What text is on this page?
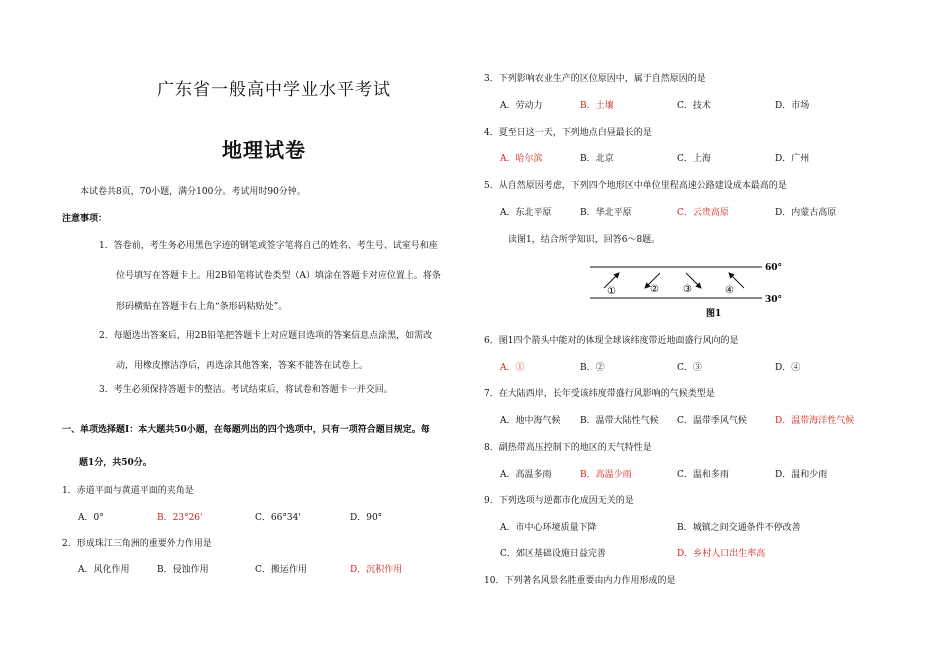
广东省一般高中学业水平考试
地理试卷
本试卷共8页，70小题，满分100分。考试用时90分钟。
注意事项：
1．答卷前，考生务必用黑色字迹的钢笔或签字笔将自己的姓名、考生号、试室号和座
位号填写在答题卡上。用2B铅笔将试卷类型（A）填涂在答题卡对应位置上。将条
形码横贴在答题卡右上角“条形码粘贴处”。
2．每题选出答案后，用2B铅笔把答题卡上对应题目选项的答案信息点涂黑，如需改
动，用橡皮擦洁净后，再选涂其他答案，答案不能答在试卷上。
3．考生必须保持答题卡的整洁。考试结束后，将试卷和答题卡一并交回。
一、单项选择题Ⅰ：本大题共50小题，在每题列出的四个选项中，只有一项符合题目规定。每
题1分，共50分。
1．赤道平面与黄道平面的夹角是
A．0°	B．23°26'	C．66°34'	D．90°
2．形成珠江三角洲的重要外力作用是
A．风化作用	B．侵蚀作用	C．搬运作用	D．沉积作用
3．下列影响农业生产的区位原因中，属于自然原因的是
A．劳动力	B．土壤	C．技术	D．市场
4．夏至日这一天，下列地点白昼最长的是
A．哈尔滨	B．北京	C．上海	D．广州
5．从自然原因考虑，下列四个地形区中单位里程高速公路建设成本最高的是
A．东北平原	B．华北平原	C．云贵高原	D．内蒙古高原
读图1，结合所学知识，回答6～8题。
60°
30°
①	② ③	④
图1
6．图1四个箭头中能对的体现全球该纬度带近地面盛行风向的是
A．①	B．②	C．③	D．④
7．在大陆西岸，长年受该纬度带盛行风影响的气候类型是
A．地中海气候 B．温带大陆性气候 C．温带季风气候	D．温带海洋性气候
8．副热带高压控制下的地区的天气特性是
A．高温多雨	B．高温少雨	C．温和多雨	D．温和少雨
9．下列选项与逆都市化成因无关的是
A．市中心环境质量下降	B．城镇之间交通条件不停改善
C．郊区基础设施日益完善	D．乡村人口出生率高
10．下列著名风景名胜重要由内力作用形成的是
